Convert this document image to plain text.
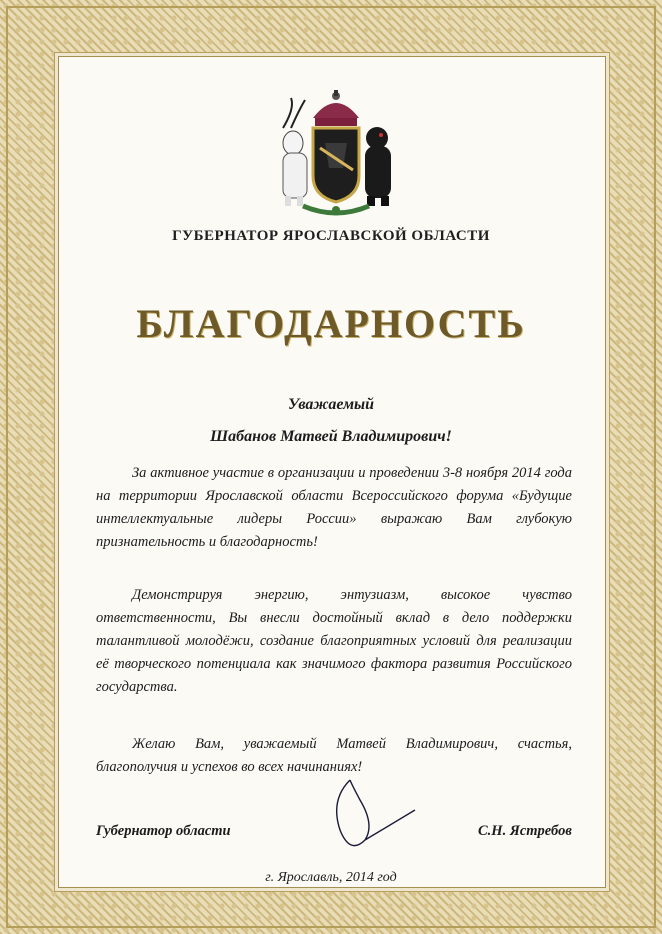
ГУБЕРНАТОР ЯРОСЛАВСКОЙ ОБЛАСТИ
БЛАГОДАРНОСТЬ
Уважаемый
Шабанов Матвей Владимирович!
За активное участие в организации и проведении 3-8 ноября 2014 года на территории Ярославской области Всероссийского форума «Будущие интеллектуальные лидеры России» выражаю Вам глубокую признательность и благодарность!
Демонстрируя энергию, энтузиазм, высокое чувство ответственности, Вы внесли достойный вклад в дело поддержки талантливой молодёжи, создание благоприятных условий для реализации её творческого потенциала как значимого фактора развития Российского государства.
Желаю Вам, уважаемый Матвей Владимирович, счастья, благополучия и успехов во всех начинаниях!
Губернатор области	С.Н. Ястребов
г. Ярославль, 2014 год
